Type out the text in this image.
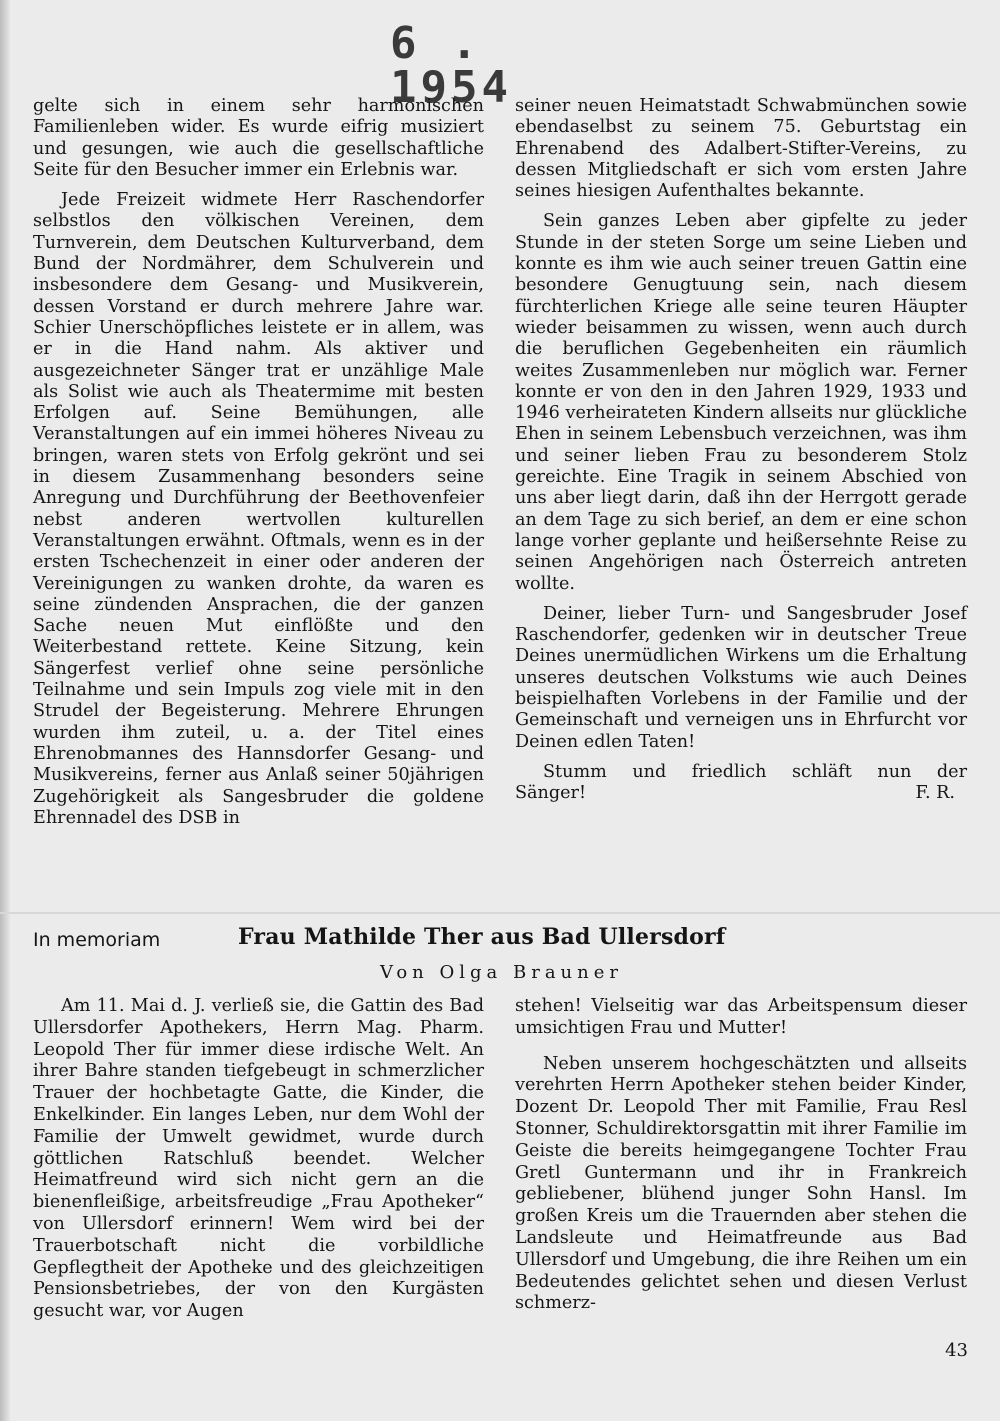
6 . 1954

gelte sich in einem sehr harmonischen Familienleben wider. Es wurde eifrig musiziert und gesungen, wie auch die gesellschaftliche Seite für den Besucher immer ein Erlebnis war.

Jede Freizeit widmete Herr Raschendorfer selbstlos den völkischen Vereinen, dem Turnverein, dem Deutschen Kulturverband, dem Bund der Nordmährer, dem Schulverein und insbesondere dem Gesang- und Musikverein, dessen Vorstand er durch mehrere Jahre war. Schier Unerschöpfliches leistete er in allem, was er in die Hand nahm. Als aktiver und ausgezeichneter Sänger trat er unzählige Male als Solist wie auch als Theatermime mit besten Erfolgen auf. Seine Bemühungen, alle Veranstaltungen auf ein immei höheres Niveau zu bringen, waren stets von Erfolg gekrönt und sei in diesem Zusammenhang besonders seine Anregung und Durchführung der Beethovenfeier nebst anderen wertvollen kulturellen Veranstaltungen erwähnt. Oftmals, wenn es in der ersten Tschechenzeit in einer oder anderen der Vereinigungen zu wanken drohte, da waren es seine zündenden Ansprachen, die der ganzen Sache neuen Mut einflößte und den Weiterbestand rettete. Keine Sitzung, kein Sängerfest verlief ohne seine persönliche Teilnahme und sein Impuls zog viele mit in den Strudel der Begeisterung. Mehrere Ehrungen wurden ihm zuteil, u. a. der Titel eines Ehrenobmannes des Hannsdorfer Gesang- und Musikvereins, ferner aus Anlaß seiner 50jährigen Zugehörigkeit als Sangesbruder die goldene Ehrennadel des DSB in

seiner neuen Heimatstadt Schwabmünchen sowie ebendaselbst zu seinem 75. Geburtstag ein Ehrenabend des Adalbert-Stifter-Vereins, zu dessen Mitgliedschaft er sich vom ersten Jahre seines hiesigen Aufenthaltes bekannte.

Sein ganzes Leben aber gipfelte zu jeder Stunde in der steten Sorge um seine Lieben und konnte es ihm wie auch seiner treuen Gattin eine besondere Genugtuung sein, nach diesem fürchterlichen Kriege alle seine teuren Häupter wieder beisammen zu wissen, wenn auch durch die beruflichen Gegebenheiten ein räumlich weites Zusammenleben nur möglich war. Ferner konnte er von den in den Jahren 1929, 1933 und 1946 verheirateten Kindern allseits nur glückliche Ehen in seinem Lebensbuch verzeichnen, was ihm und seiner lieben Frau zu besonderem Stolz gereichte. Eine Tragik in seinem Abschied von uns aber liegt darin, daß ihn der Herrgott gerade an dem Tage zu sich berief, an dem er eine schon lange vorher geplante und heißersehnte Reise zu seinen Angehörigen nach Österreich antreten wollte.

Deiner, lieber Turn- und Sangesbruder Josef Raschendorfer, gedenken wir in deutscher Treue Deines unermüdlichen Wirkens um die Erhaltung unseres deutschen Volkstums wie auch Deines beispielhaften Vorlebens in der Familie und der Gemeinschaft und verneigen uns in Ehrfurcht vor Deinen edlen Taten!

Stumm und friedlich schläft nun der

Sänger!	F. R.

In memoriam	Frau Mathilde Ther aus Bad Ullersdorf

Von Olga Brauner

Am 11. Mai d. J. verließ sie, die Gattin des Bad Ullersdorfer Apothekers, Herrn Mag. Pharm. Leopold Ther für immer diese irdische Welt. An ihrer Bahre standen tiefgebeugt in schmerzlicher Trauer der hochbetagte Gatte, die Kinder, die Enkelkinder. Ein langes Leben, nur dem Wohl der Familie der Umwelt gewidmet, wurde durch göttlichen Ratschluß beendet. Welcher Heimatfreund wird sich nicht gern an die bienenfleißige, arbeitsfreudige „Frau Apotheker“ von Ullersdorf erinnern! Wem wird bei der Trauerbotschaft nicht die vorbildliche Gepflegtheit der Apotheke und des gleichzeitigen Pensionsbetriebes, der von den Kurgästen gesucht war, vor Augen

stehen! Vielseitig war das Arbeitspensum dieser umsichtigen Frau und Mutter!

Neben unserem hochgeschätzten und allseits verehrten Herrn Apotheker stehen beider Kinder, Dozent Dr. Leopold Ther mit Familie, Frau Resl Stonner, Schuldirektorsgattin mit ihrer Familie im Geiste die bereits heimgegangene Tochter Frau Gretl Guntermann und ihr in Frankreich gebliebener, blühend junger Sohn Hansl. Im großen Kreis um die Trauernden aber stehen die Landsleute und Heimatfreunde aus Bad Ullersdorf und Umgebung, die ihre Reihen um ein Bedeutendes gelichtet sehen und diesen Verlust schmerz-

43
